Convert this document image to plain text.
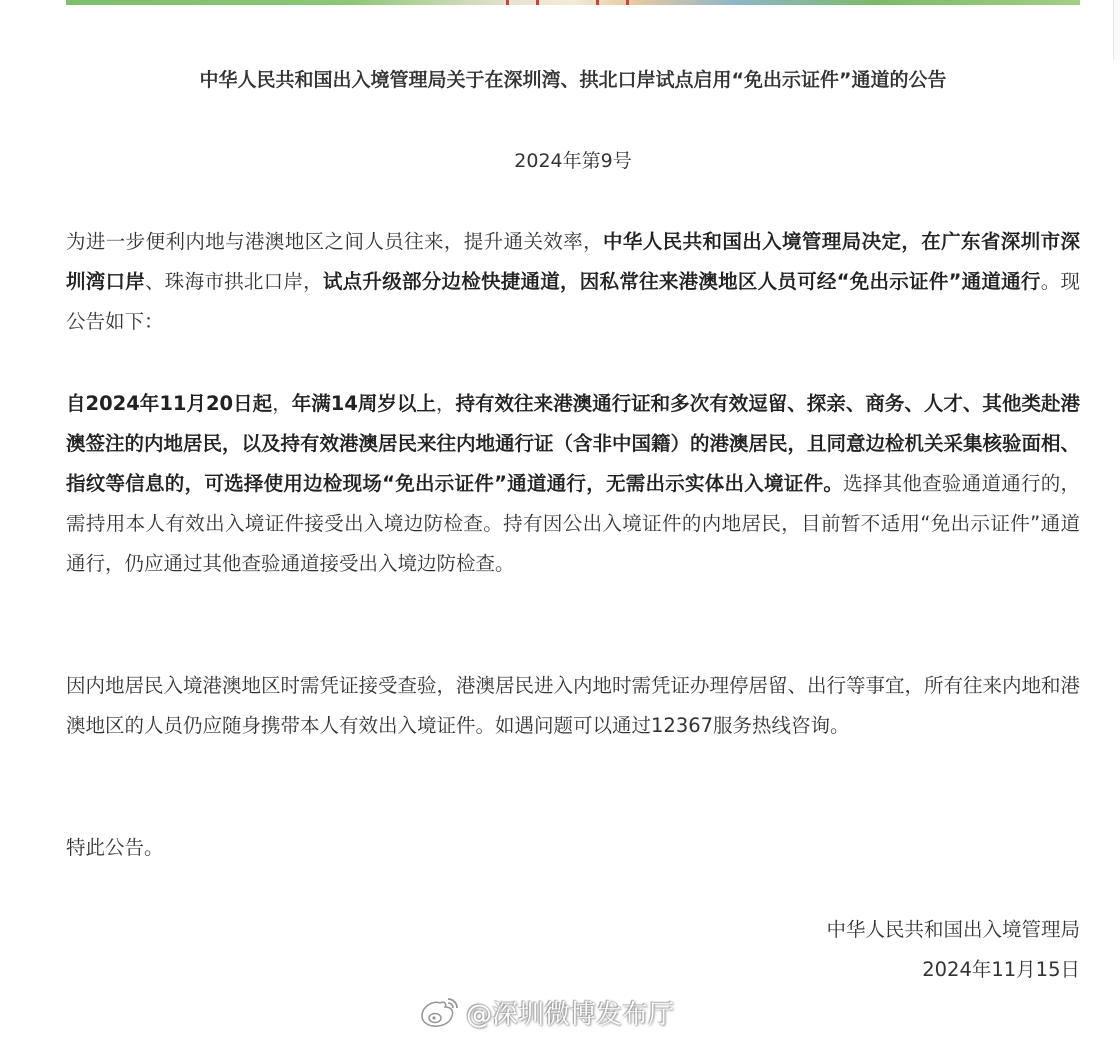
中华人民共和国出入境管理局关于在深圳湾、拱北口岸试点启用“免出示证件”通道的公告
2024年第9号

为进一步便利内地与港澳地区之间人员往来，提升通关效率，中华人民共和国出入境管理局决定，在广东省深圳市深圳湾口岸、珠海市拱北口岸，试点升级部分边检快捷通道，因私常往来港澳地区人员可经“免出示证件”通道通行。现公告如下：

自2024年11月20日起，年满14周岁以上，持有效往来港澳通行证和多次有效逗留、探亲、商务、人才、其他类赴港澳签注的内地居民，以及持有效港澳居民来往内地通行证（含非中国籍）的港澳居民，且同意边检机关采集核验面相、指纹等信息的，可选择使用边检现场“免出示证件”通道通行，无需出示实体出入境证件。选择其他查验通道通行的，需持用本人有效出入境证件接受出入境边防检查。持有因公出入境证件的内地居民，目前暂不适用“免出示证件”通道通行，仍应通过其他查验通道接受出入境边防检查。

因内地居民入境港澳地区时需凭证接受查验，港澳居民进入内地时需凭证办理停居留、出行等事宜，所有往来内地和港澳地区的人员仍应随身携带本人有效出入境证件。如遇问题可以通过12367服务热线咨询。

特此公告。

中华人民共和国出入境管理局
2024年11月15日
@深圳微博发布厅
